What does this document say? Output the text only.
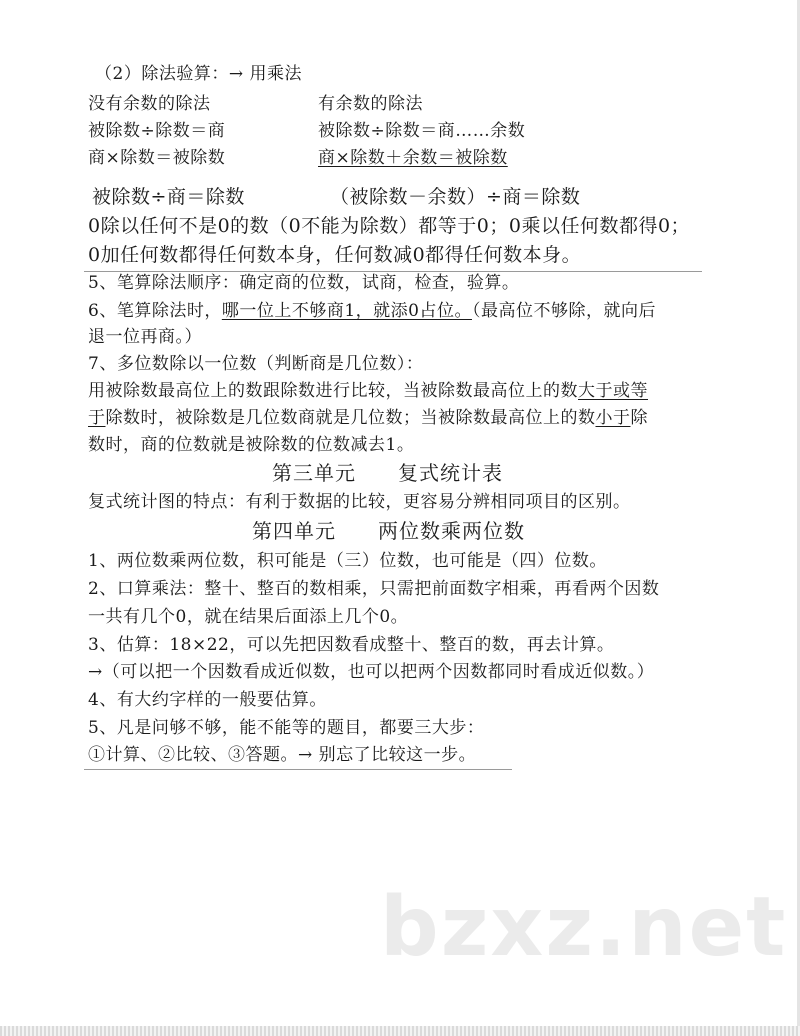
（2）除法验算：→ 用乘法
没有余数的除法	有余数的除法
被除数÷除数＝商	被除数÷除数＝商……余数
商×除数＝被除数	商×除数＋余数＝被除数
被除数÷商＝除数	（被除数－余数）÷商＝除数
0除以任何不是0的数（0不能为除数）都等于0；0乘以任何数都得0；
0加任何数都得任何数本身，任何数减0都得任何数本身。
5、笔算除法顺序：确定商的位数，试商，检查，验算。
6、笔算除法时，哪一位上不够商1，就添0占位。（最高位不够除，就向后
退一位再商。）
7、多位数除以一位数（判断商是几位数）：
用被除数最高位上的数跟除数进行比较，当被除数最高位上的数大于或等
于除数时，被除数是几位数商就是几位数；当被除数最高位上的数小于除
数时，商的位数就是被除数的位数减去1。
第三单元　　复式统计表
复式统计图的特点：有利于数据的比较，更容易分辨相同项目的区别。
第四单元　　两位数乘两位数
1、两位数乘两位数，积可能是（三）位数，也可能是（四）位数。
2、口算乘法：整十、整百的数相乘，只需把前面数字相乘，再看两个因数
一共有几个0，就在结果后面添上几个0。
3、估算：18×22，可以先把因数看成整十、整百的数，再去计算。
→（可以把一个因数看成近似数，也可以把两个因数都同时看成近似数。）
4、有大约字样的一般要估算。
5、凡是问够不够，能不能等的题目，都要三大步：
①计算、②比较、③答题。→ 别忘了比较这一步。
bzxz.net
